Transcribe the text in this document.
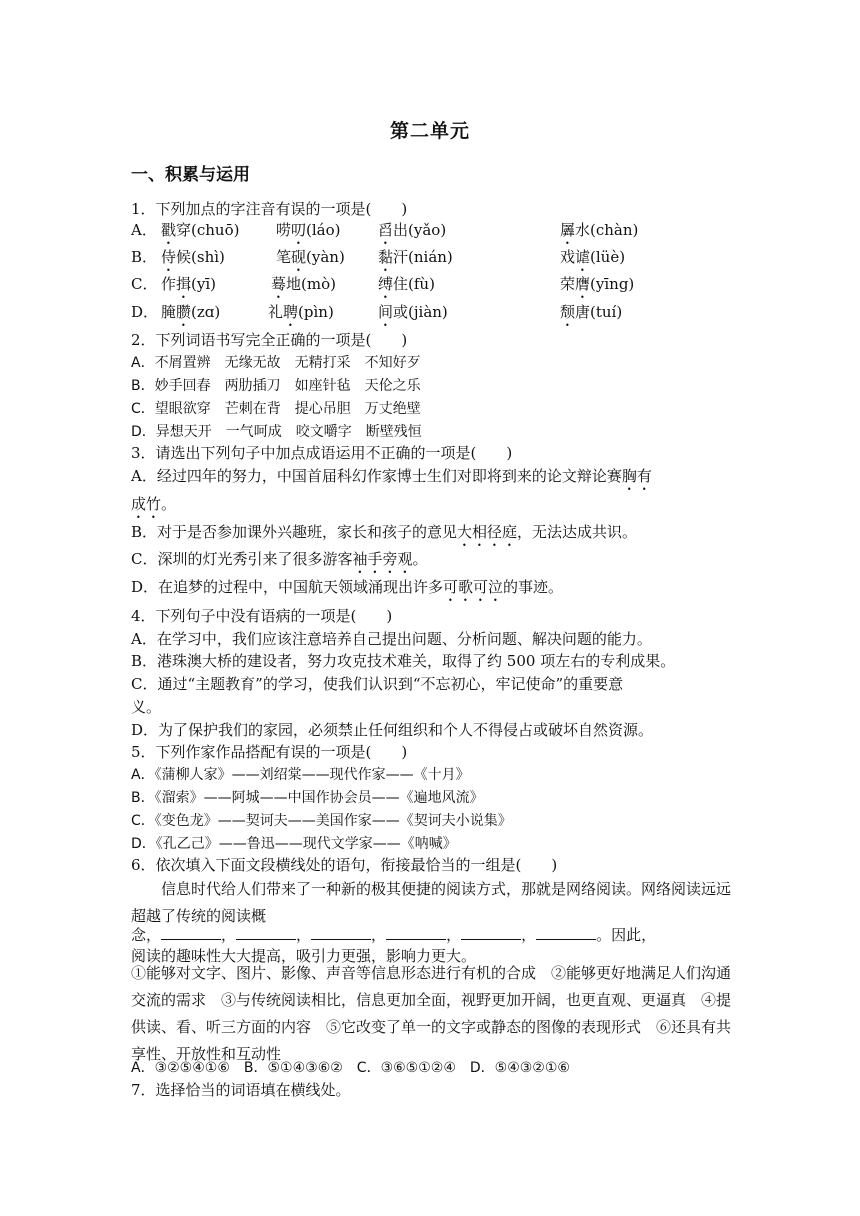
第二单元
一、积累与运用
1．下列加点的字注音有误的一项是(　　)
A． 戳穿(chuō) 唠叨(láo) 舀出(yǎo)	羼水(chàn)
B． 侍候(shì)	笔砚(yàn) 黏汗(nián)	戏谑(lüè)
C． 作揖(yī)	蓦地(mò)	缚住(fù)	荣膺(yīng)
D． 腌臜(zɑ)	礼聘(pìn)	间或(jiàn)	颓唐(tuí)
2．下列词语书写完全正确的一项是(　　)
A．不屑置辨　无缘无故　无精打采　不知好歹
B．妙手回春　两肋插刀　如座针毡　天伦之乐
C．望眼欲穿　芒刺在背　提心吊胆　万丈绝壁
D．异想天开　一气呵成　咬文嚼字　断壁残恒
3．请选出下列句子中加点成语运用不正确的一项是(　　)
A．经过四年的努力，中国首届科幻作家博士生们对即将到来的论文辩论赛胸有
成竹。
B．对于是否参加课外兴趣班，家长和孩子的意见大相径庭，无法达成共识。
C．深圳的灯光秀引来了很多游客袖手旁观。
D．在追梦的过程中，中国航天领域涌现出许多可歌可泣的事迹。
4．下列句子中没有语病的一项是(　　)
A．在学习中，我们应该注意培养自己提出问题、分析问题、解决问题的能力。
B．港珠澳大桥的建设者，努力攻克技术难关，取得了约 500 项左右的专利成果。
C．通过“主题教育”的学习，使我们认识到“不忘初心，牢记使命”的重要意
义。
D．为了保护我们的家园，必须禁止任何组织和个人不得侵占或破坏自然资源。
5．下列作家作品搭配有误的一项是(　　)
A．《蒲柳人家》——刘绍棠——现代作家——《十月》
B．《溜索》——阿城——中国作协会员——《遍地风流》
C．《变色龙》——契诃夫——美国作家——《契诃夫小说集》
D．《孔乙己》——鲁迅——现代文学家——《呐喊》
6．依次填入下面文段横线处的语句，衔接最恰当的一组是(　　)
信息时代给人们带来了一种新的极其便捷的阅读方式，那就是网络阅读。网络阅读远远超越了传统的阅读概
念，	，	，	，	，	，	。因此，
阅读的趣味性大大提高，吸引力更强，影响力更大。
①能够对文字、图片、影像、声音等信息形态进行有机的合成　②能够更好地满足人们沟通交流的需求　③与传统阅读相比，信息更加全面，视野更加开阔，也更直观、更逼真　④提供读、看、听三方面的内容　⑤它改变了单一的文字或静态的图像的表现形式　⑥还具有共享性、开放性和互动性
A．③②⑤④①⑥　B．⑤①④③⑥②　C．③⑥⑤①②④　D．⑤④③②①⑥
7．选择恰当的词语填在横线处。
